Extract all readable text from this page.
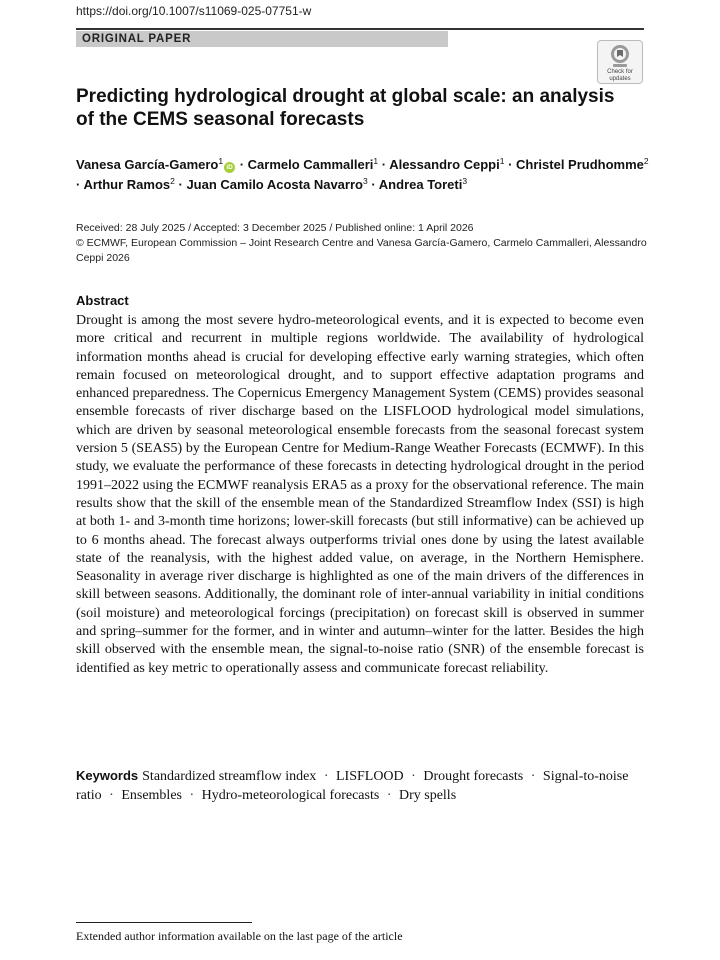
https://doi.org/10.1007/s11069-025-07751-w
ORIGINAL PAPER
Check for
updates
Predicting hydrological drought at global scale: an analysis of the CEMS seasonal forecasts
Vanesa García-Gamero$^1$iD · Carmelo Cammalleri$^1$ · Alessandro Ceppi$^1$ · Christel Prudhomme$^2$ · Arthur Ramos$^2$ · Juan Camilo Acosta Navarro$^3$ · Andrea Toreti$^3$
Received: 28 July 2025 / Accepted: 3 December 2025 / Published online: 1 April 2026
© ECMWF, European Commission – Joint Research Centre and Vanesa García-Gamero, Carmelo Cammalleri, Alessandro Ceppi 2026
Abstract

Drought is among the most severe hydro-meteorological events, and it is expected to become even more critical and recurrent in multiple regions worldwide. The availability of hydrological information months ahead is crucial for developing effective early warning strategies, which often remain focused on meteorological drought, and to support effective adaptation programs and enhanced preparedness. The Copernicus Emergency Management System (CEMS) provides seasonal ensemble forecasts of river discharge based on the LISFLOOD hydrological model simulations, which are driven by seasonal meteorological ensemble forecasts from the seasonal forecast system version 5 (SEAS5) by the European Centre for Medium-Range Weather Forecasts (ECMWF). In this study, we evaluate the performance of these forecasts in detecting hydrological drought in the period 1991–2022 using the ECMWF reanalysis ERA5 as a proxy for the observational reference. The main results show that the skill of the ensemble mean of the Standardized Streamflow Index (SSI) is high at both 1- and 3-month time horizons; lower-skill forecasts (but still informative) can be achieved up to 6 months ahead. The forecast always outperforms trivial ones done by using the latest available state of the reanalysis, with the highest added value, on average, in the Northern Hemisphere. Seasonality in average river discharge is highlighted as one of the main drivers of the differences in skill between seasons. Additionally, the dominant role of inter-annual variability in initial conditions (soil moisture) and meteorological forcings (precipitation) on forecast skill is observed in summer and spring–summer for the former, and in winter and autumn–winter for the latter. Besides the high skill observed with the ensemble mean, the signal-to-noise ratio (SNR) of the ensemble forecast is identified as key metric to operationally assess and communicate forecast reliability.

Keywords Standardized streamflow index · LISFLOOD · Drought forecasts · Signal-to-noise ratio · Ensembles · Hydro-meteorological forecasts · Dry spells

Extended author information available on the last page of the article
